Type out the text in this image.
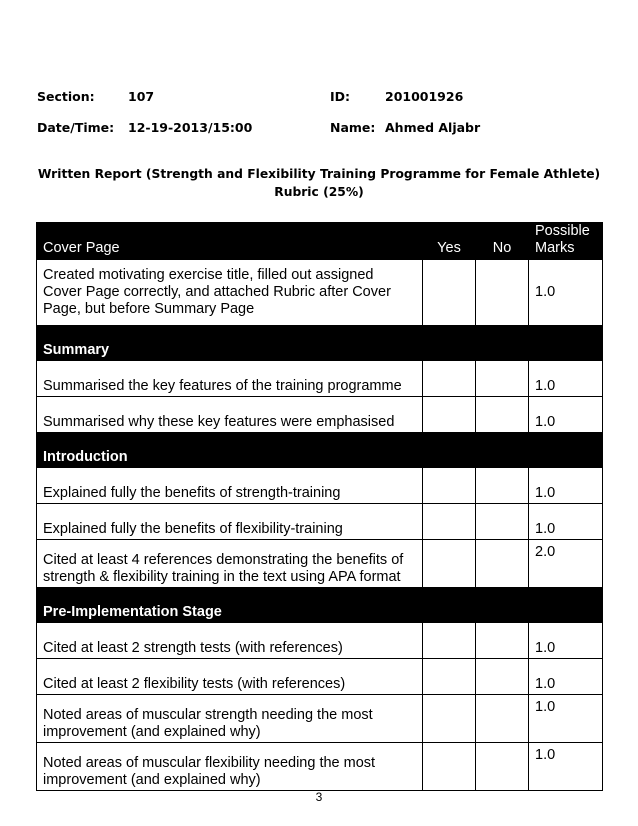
Section:	107	ID:	201001926
Date/Time: 12-19-2013/15:00	Name: Ahmed Aljabr
Written Report (Strength and Flexibility Training Programme for Female Athlete)
Rubric (25%)
Cover Page	Yes	No	Possible
Marks

Created motivating exercise title, filled out assigned Cover Page correctly, and attached Rubric after Cover Page, but before Summary Page			1.0
Summary			
Summarised the key features of the training programme			1.0
Summarised why these key features were emphasised			1.0
Introduction			
Explained fully the benefits of strength-training			1.0
Explained fully the benefits of flexibility-training			1.0
Cited at least 4 references demonstrating the benefits of strength & flexibility training in the text using APA format			2.0
Pre-Implementation Stage			
Cited at least 2 strength tests (with references)			1.0
Cited at least 2 flexibility tests (with references)			1.0
Noted areas of muscular strength needing the most improvement (and explained why)			1.0
Noted areas of muscular flexibility needing the most improvement (and explained why)			1.0
3
